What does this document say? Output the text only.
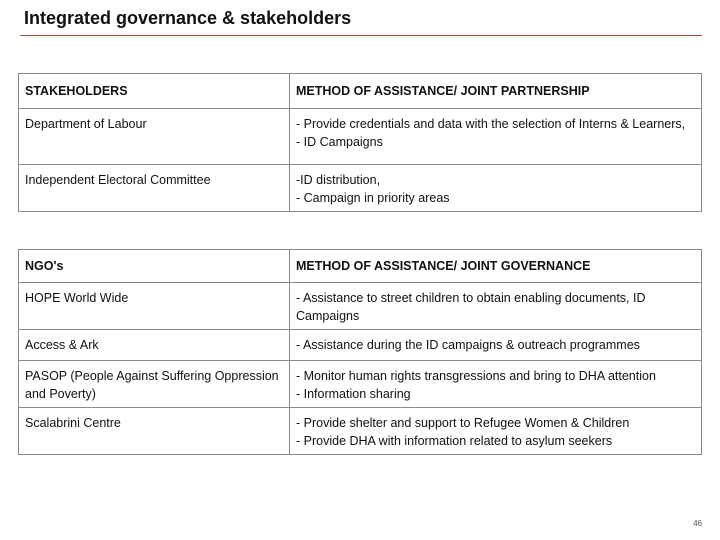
Integrated governance & stakeholders
STAKEHOLDERS	METHOD OF ASSISTANCE/ JOINT PARTNERSHIP
Department of Labour	- Provide credentials and data with the selection of Interns & Learners,
- ID Campaigns

Independent Electoral Committee	-ID distribution,
- Campaign in priority areas
NGO's	METHOD OF ASSISTANCE/ JOINT GOVERNANCE
HOPE World Wide	- Assistance to street children to obtain enabling documents, ID Campaigns

Access & Ark	- Assistance during the ID campaigns & outreach programmes

PASOP (People Against Suffering Oppression and Poverty)	- Monitor human rights transgressions and bring to DHA attention
- Information sharing

Scalabrini Centre	- Provide shelter and support to Refugee Women & Children
- Provide DHA with information related to asylum seekers
46
